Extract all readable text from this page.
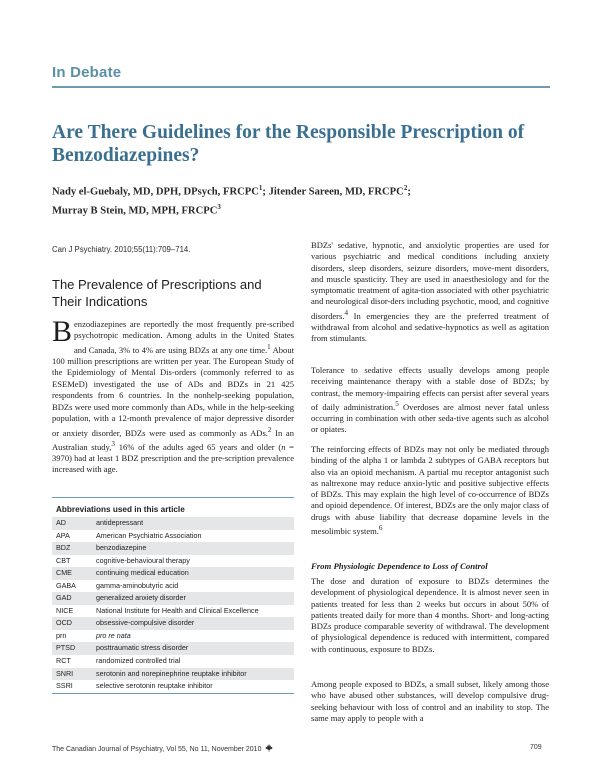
In Debate
Are There Guidelines for the Responsible Prescription of Benzodiazepines?
Nady el-Guebaly, MD, DPH, DPsych, FRCPC$^1$; Jitender Sareen, MD, FRCPC$^2$;
Murray B Stein, MD, MPH, FRCPC$^3$
Can J Psychiatry. 2010;55(11):709–714.
The Prevalence of Prescriptions and Their Indications
Benzodiazepines are reportedly the most frequently pre-scribed psychotropic medication. Among adults in the United States and Canada, 3% to 4% are using BDZs at any one time.$^1$ About 100 million prescriptions are written per year. The European Study of the Epidemiology of Mental Dis-orders (commonly referred to as ESEMeD) investigated the use of ADs and BDZs in 21 425 respondents from 6 countries. In the nonhelp-seeking population, BDZs were used more commonly than ADs, while in the help-seeking population, with a 12-month prevalence of major depressive disorder or anxiety disorder, BDZs were used as commonly as ADs.$^2$ In an Australian study,$^3$ 16% of the adults aged 65 years and older (n = 3970) had at least 1 BDZ prescription and the pre-scription prevalence increased with age.
Abbreviations used in this article
AD	antidepressant
APA	American Psychiatric Association
BDZ	benzodiazepine
CBT	cognitive-behavioural therapy
CME	continuing medical education
GABA	gamma-aminobutyric acid
GAD	generalized anxiety disorder
NICE	National Institute for Health and Clinical Excellence
OCD	obsessive-compulsive disorder
prn	pro re nata
PTSD	posttraumatic stress disorder
RCT	randomized controlled trial
SNRI	serotonin and norepinephrine reuptake inhibitor
SSRI	selective serotonin reuptake inhibitor
BDZs' sedative, hypnotic, and anxiolytic properties are used for various psychiatric and medical conditions including anxiety disorders, sleep disorders, seizure disorders, move-ment disorders, and muscle spasticity. They are used in anaesthesiology and for the symptomatic treatment of agita-tion associated with other psychiatric and neurological disor-ders including psychotic, mood, and cognitive disorders.$^4$ In emergencies they are the preferred treatment of withdrawal from alcohol and sedative-hypnotics as well as agitation from stimulants.
Tolerance to sedative effects usually develops among people receiving maintenance therapy with a stable dose of BDZs; by contrast, the memory-impairing effects can persist after several years of daily administration.$^5$ Overdoses are almost never fatal unless occurring in combination with other seda-tive agents such as alcohol or opiates.
The reinforcing effects of BDZs may not only be mediated through binding of the alpha 1 or lambda 2 subtypes of GABA receptors but also via an opioid mechanism. A partial mu receptor antagonist such as naltrexone may reduce anxio-lytic and positive subjective effects of BDZs. This may explain the high level of co-occurrence of BDZs and opioid dependence. Of interest, BDZs are the only major class of drugs with abuse liability that decrease dopamine levels in the mesolimbic system.$^6$
From Physiologic Dependence to Loss of Control
The dose and duration of exposure to BDZs determines the development of physiological dependence. It is almost never seen in patients treated for less than 2 weeks but occurs in about 50% of patients treated daily for more than 4 months. Short- and long-acting BDZs produce comparable severity of withdrawal. The development of physiological dependence is reduced with intermittent, compared with continuous, exposure to BDZs.
Among people exposed to BDZs, a small subset, likely among those who have abused other substances, will develop compulsive drug-seeking behaviour with loss of control and an inability to stop. The same may apply to people with a
The Canadian Journal of Psychiatry, Vol 55, No 11, November 2010	709
